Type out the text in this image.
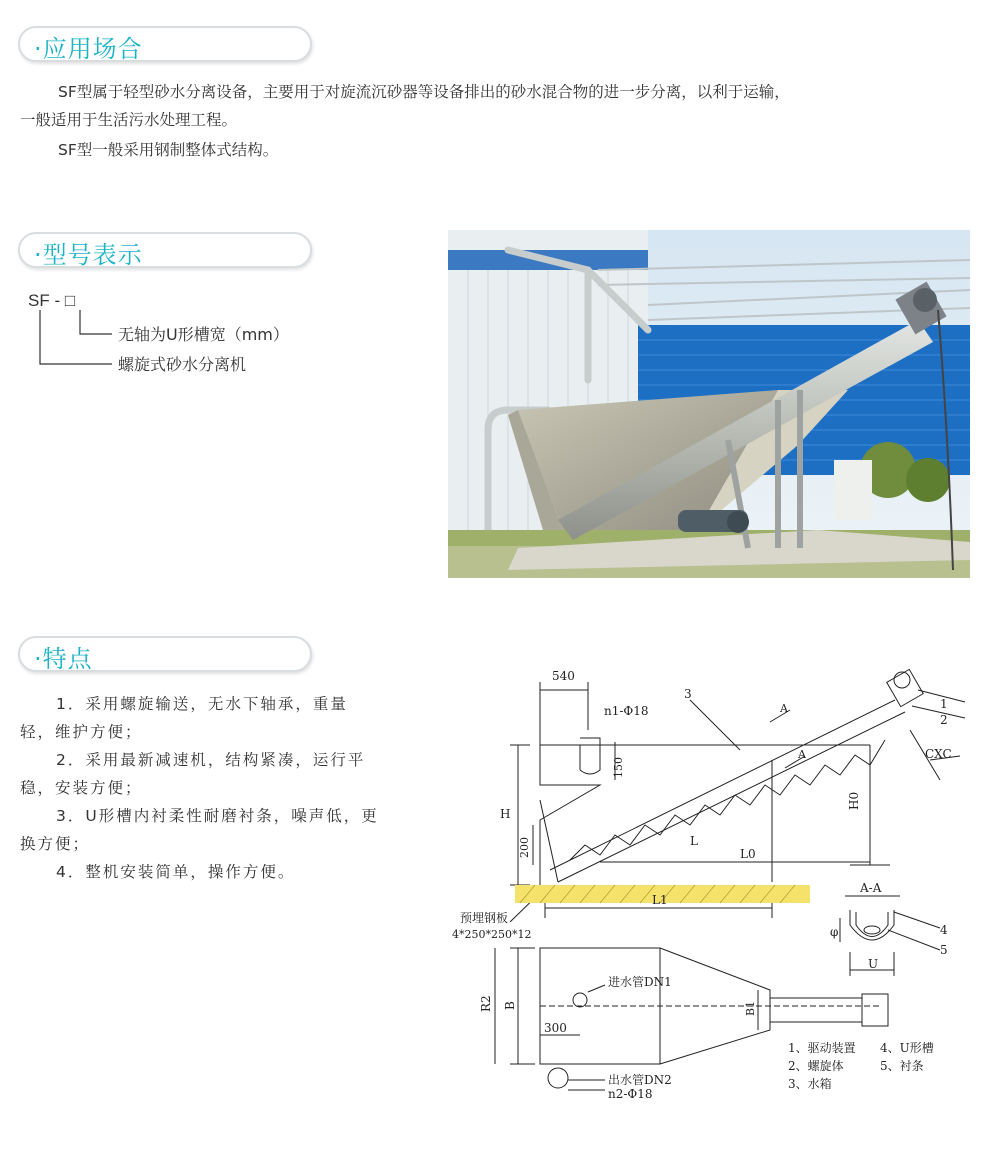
·应用场合

SF型属于轻型砂水分离设备，主要用于对旋流沉砂器等设备排出的砂水混合物的进一步分离，以利于运输，

一般适用于生活污水处理工程。

SF型一般采用钢制整体式结构。

·型号表示
SF - □
无轴为U形槽宽（mm）
螺旋式砂水分离机
·特点

1．采用螺旋输送，无水下轴承，重量

轻，维护方便；

2．采用最新减速机，结构紧凑，运行平

稳，安装方便；

3．U形槽内衬柔性耐磨衬条，噪声低，更

换方便；

4．整机安装简单，操作方便。

540
n1-Φ18
3
1
2
150
H
H0
200	L
L0
L1
CXC
A
A
预埋钢板
4*250*250*12
A-A
φ
U
4
5
进水管DN1
出水管DN2
n2-Φ18
300
R2 B	B1
1、驱动装置
2、螺旋体
3、水箱
4、U形槽
5、衬条
